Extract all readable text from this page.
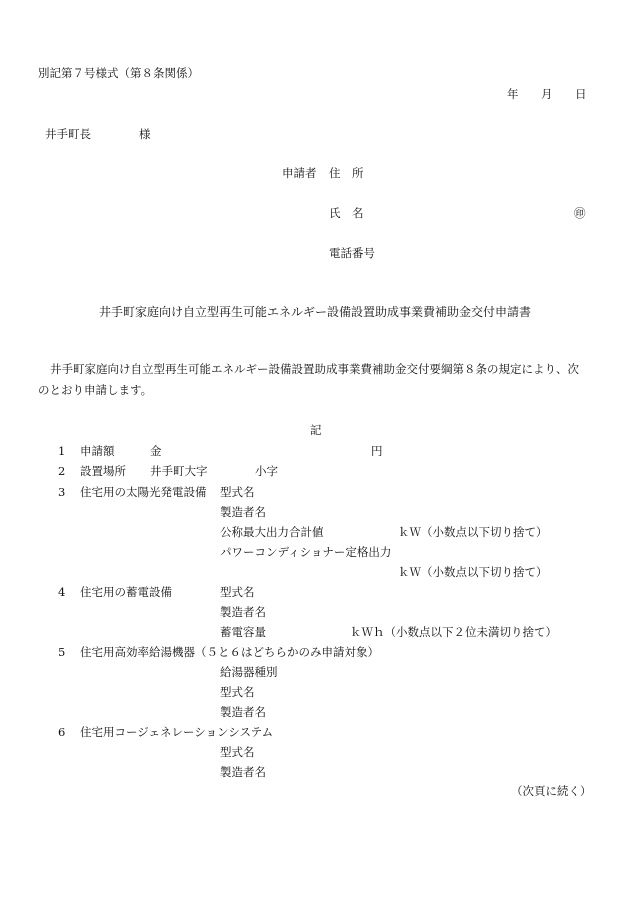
別記第７号様式（第８条関係）
年 月 日
井手町長	様
申請者 住　所
氏　名	㊞
電話番号
井手町家庭向け自立型再生可能エネルギー設備設置助成事業費補助金交付申請書
井手町家庭向け自立型再生可能エネルギー設備設置助成事業費補助金交付要綱第８条の規定により、次のとおり申請します。
記
1 申請額	金	円
2 設置場所 井手町大字	小字
3 住宅用の太陽光発電設備 型式名
製造者名
公称最大出力合計値	ｋＷ（小数点以下切り捨て）
パワーコンディショナー定格出力
ｋＷ（小数点以下切り捨て）
4 住宅用の蓄電設備	型式名
製造者名
蓄電容量	ｋＷｈ（小数点以下２位未満切り捨て）
5 住宅用高効率給湯機器（５と６はどちらかのみ申請対象）
給湯器種別
型式名
製造者名
6 住宅用コージェネレーションシステム
型式名
製造者名
（次頁に続く）
